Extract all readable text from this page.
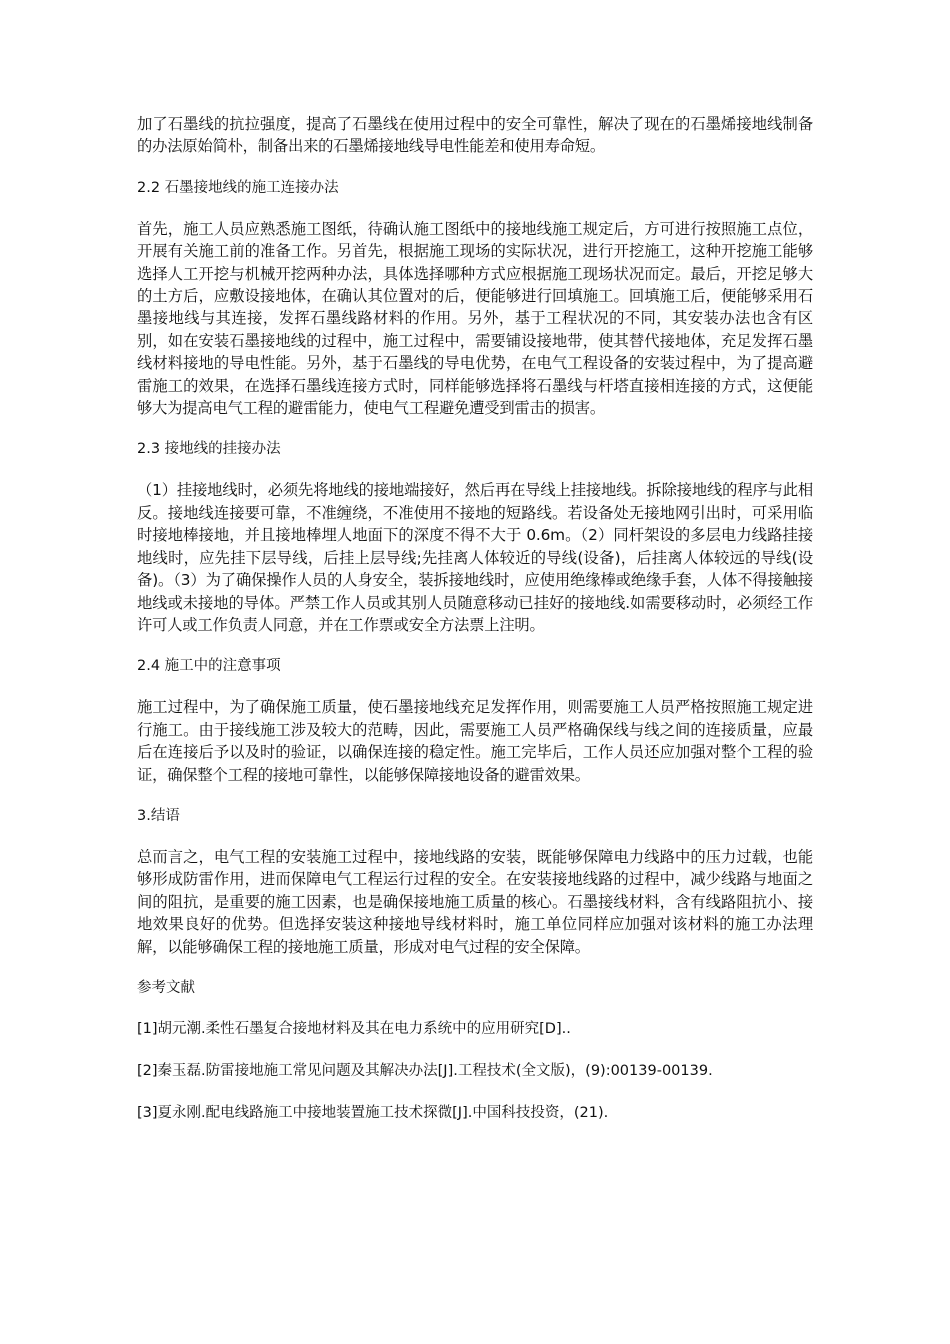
加了石墨线的抗拉强度，提高了石墨线在使用过程中的安全可靠性，解决了现在的石墨烯接地线制备的办法原始简朴，制备出来的石墨烯接地线导电性能差和使用寿命短。

2.2 石墨接地线的施工连接办法

首先，施工人员应熟悉施工图纸，待确认施工图纸中的接地线施工规定后，方可进行按照施工点位，开展有关施工前的准备工作。另首先，根据施工现场的实际状况，进行开挖施工，这种开挖施工能够选择人工开挖与机械开挖两种办法，具体选择哪种方式应根据施工现场状况而定。最后，开挖足够大的土方后，应敷设接地体，在确认其位置对的后，便能够进行回填施工。回填施工后，便能够采用石墨接地线与其连接，发挥石墨线路材料的作用。另外，基于工程状况的不同，其安装办法也含有区别，如在安装石墨接地线的过程中，施工过程中，需要铺设接地带，使其替代接地体，充足发挥石墨线材料接地的导电性能。另外，基于石墨线的导电优势，在电气工程设备的安装过程中，为了提高避雷施工的效果，在选择石墨线连接方式时，同样能够选择将石墨线与杆塔直接相连接的方式，这便能够大为提高电气工程的避雷能力，使电气工程避免遭受到雷击的损害。

2.3 接地线的挂接办法

（1）挂接地线时，必须先将地线的接地端接好，然后再在导线上挂接地线。拆除接地线的程序与此相反。接地线连接要可靠，不准缠绕，不准使用不接地的短路线。若设备处无接地网引出时，可采用临时接地棒接地，并且接地棒埋人地面下的深度不得不大于 0.6m。（2）同杆架设的多层电力线路挂接地线时，应先挂下层导线，后挂上层导线;先挂离人体较近的导线(设备)，后挂离人体较远的导线(设备)。（3）为了确保操作人员的人身安全，装拆接地线时，应使用绝缘棒或绝缘手套，人体不得接触接地线或未接地的导体。严禁工作人员或其别人员随意移动已挂好的接地线.如需要移动时，必须经工作许可人或工作负责人同意，并在工作票或安全方法票上注明。

2.4 施工中的注意事项

施工过程中，为了确保施工质量，使石墨接地线充足发挥作用，则需要施工人员严格按照施工规定进行施工。由于接线施工涉及较大的范畴，因此，需要施工人员严格确保线与线之间的连接质量，应最后在连接后予以及时的验证，以确保连接的稳定性。施工完毕后，工作人员还应加强对整个工程的验证，确保整个工程的接地可靠性，以能够保障接地设备的避雷效果。

3.结语

总而言之，电气工程的安装施工过程中，接地线路的安装，既能够保障电力线路中的压力过载，也能够形成防雷作用，进而保障电气工程运行过程的安全。在安装接地线路的过程中，减少线路与地面之间的阻抗，是重要的施工因素，也是确保接地施工质量的核心。石墨接线材料，含有线路阻抗小、接地效果良好的优势。但选择安装这种接地导线材料时，施工单位同样应加强对该材料的施工办法理解，以能够确保工程的接地施工质量，形成对电气过程的安全保障。

参考文献
[1]胡元潮.柔性石墨复合接地材料及其在电力系统中的应用研究[D]..
[2]秦玉磊.防雷接地施工常见问题及其解决办法[J].工程技术(全文版)，(9):00139-00139.
[3]夏永刚.配电线路施工中接地装置施工技术探微[J].中国科技投资，(21).
